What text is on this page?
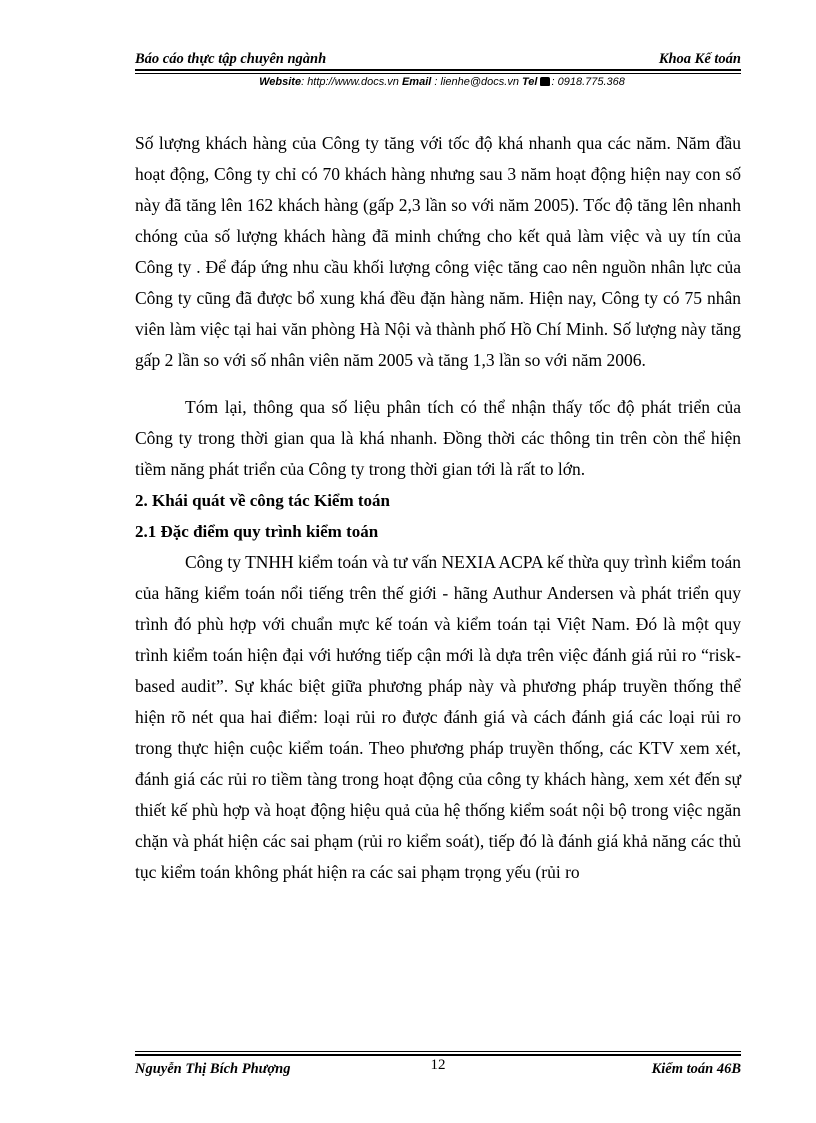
Báo cáo thực tập chuyên ngành	Khoa Kế toán
Website: http://www.docs.vn Email : lienhe@docs.vn Tel : 0918.775.368

Số lượng khách hàng của Công ty tăng với tốc độ khá nhanh qua các năm. Năm đầu hoạt động, Công ty chỉ có 70 khách hàng nhưng sau 3 năm hoạt động hiện nay con số này đã tăng lên 162 khách hàng (gấp 2,3 lần so với năm 2005). Tốc độ tăng lên nhanh chóng của số lượng khách hàng đã minh chứng cho kết quả làm việc và uy tín của Công ty . Để đáp ứng nhu cầu khối lượng công việc tăng cao nên nguồn nhân lực của Công ty cũng đã được bổ xung khá đều đặn hàng năm. Hiện nay, Công ty có 75 nhân viên làm việc tại hai văn phòng Hà Nội và thành phố Hồ Chí Minh. Số lượng này tăng gấp 2 lần so với số nhân viên năm 2005 và tăng 1,3 lần so với năm 2006.

Tóm lại, thông qua số liệu phân tích có thể nhận thấy tốc độ phát triển của Công ty trong thời gian qua là khá nhanh. Đồng thời các thông tin trên còn thể hiện tiềm năng phát triển của Công ty trong thời gian tới là rất to lớn.

2. Khái quát về công tác Kiểm toán
2.1 Đặc điểm quy trình kiểm toán

Công ty TNHH kiểm toán và tư vấn NEXIA ACPA kế thừa quy trình kiểm toán của hãng kiểm toán nổi tiếng trên thế giới - hãng Authur Andersen và phát triển quy trình đó phù hợp với chuẩn mực kế toán và kiểm toán tại Việt Nam. Đó là một quy trình kiểm toán hiện đại với hướng tiếp cận mới là dựa trên việc đánh giá rủi ro “risk- based audit”. Sự khác biệt giữa phương pháp này và phương pháp truyền thống thể hiện rõ nét qua hai điểm: loại rủi ro được đánh giá và cách đánh giá các loại rủi ro trong thực hiện cuộc kiểm toán. Theo phương pháp truyền thống, các KTV xem xét, đánh giá các rủi ro tiềm tàng trong hoạt động của công ty khách hàng, xem xét đến sự thiết kế phù hợp và hoạt động hiệu quả của hệ thống kiểm soát nội bộ trong việc ngăn chặn và phát hiện các sai phạm (rủi ro kiểm soát), tiếp đó là đánh giá khả năng các thủ tục kiểm toán không phát hiện ra các sai phạm trọng yếu (rủi ro

Nguyễn Thị Bích Phượng	12	Kiểm toán 46B
